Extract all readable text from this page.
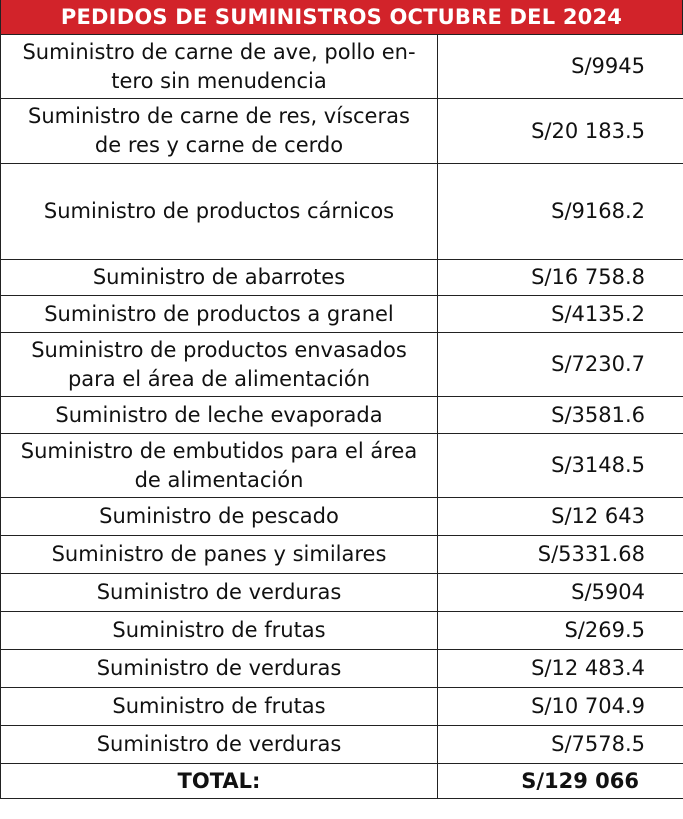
PEDIDOS DE SUMINISTROS OCTUBRE DEL 2024
Suministro de carne de ave, pollo en-
tero sin menudencia	S/9945
Suministro de carne de res, vísceras
de res y carne de cerdo	S/20 183.5
Suministro de productos cárnicos	S/9168.2
Suministro de abarrotes	S/16 758.8
Suministro de productos a granel	S/4135.2
Suministro de productos envasados
para el área de alimentación	S/7230.7
Suministro de leche evaporada	S/3581.6
Suministro de embutidos para el área
de alimentación	S/3148.5
Suministro de pescado	S/12 643
Suministro de panes y similares	S/5331.68
Suministro de verduras	S/5904
Suministro de frutas	S/269.5
Suministro de verduras	S/12 483.4
Suministro de frutas	S/10 704.9
Suministro de verduras	S/7578.5
TOTAL:	S/129 066
